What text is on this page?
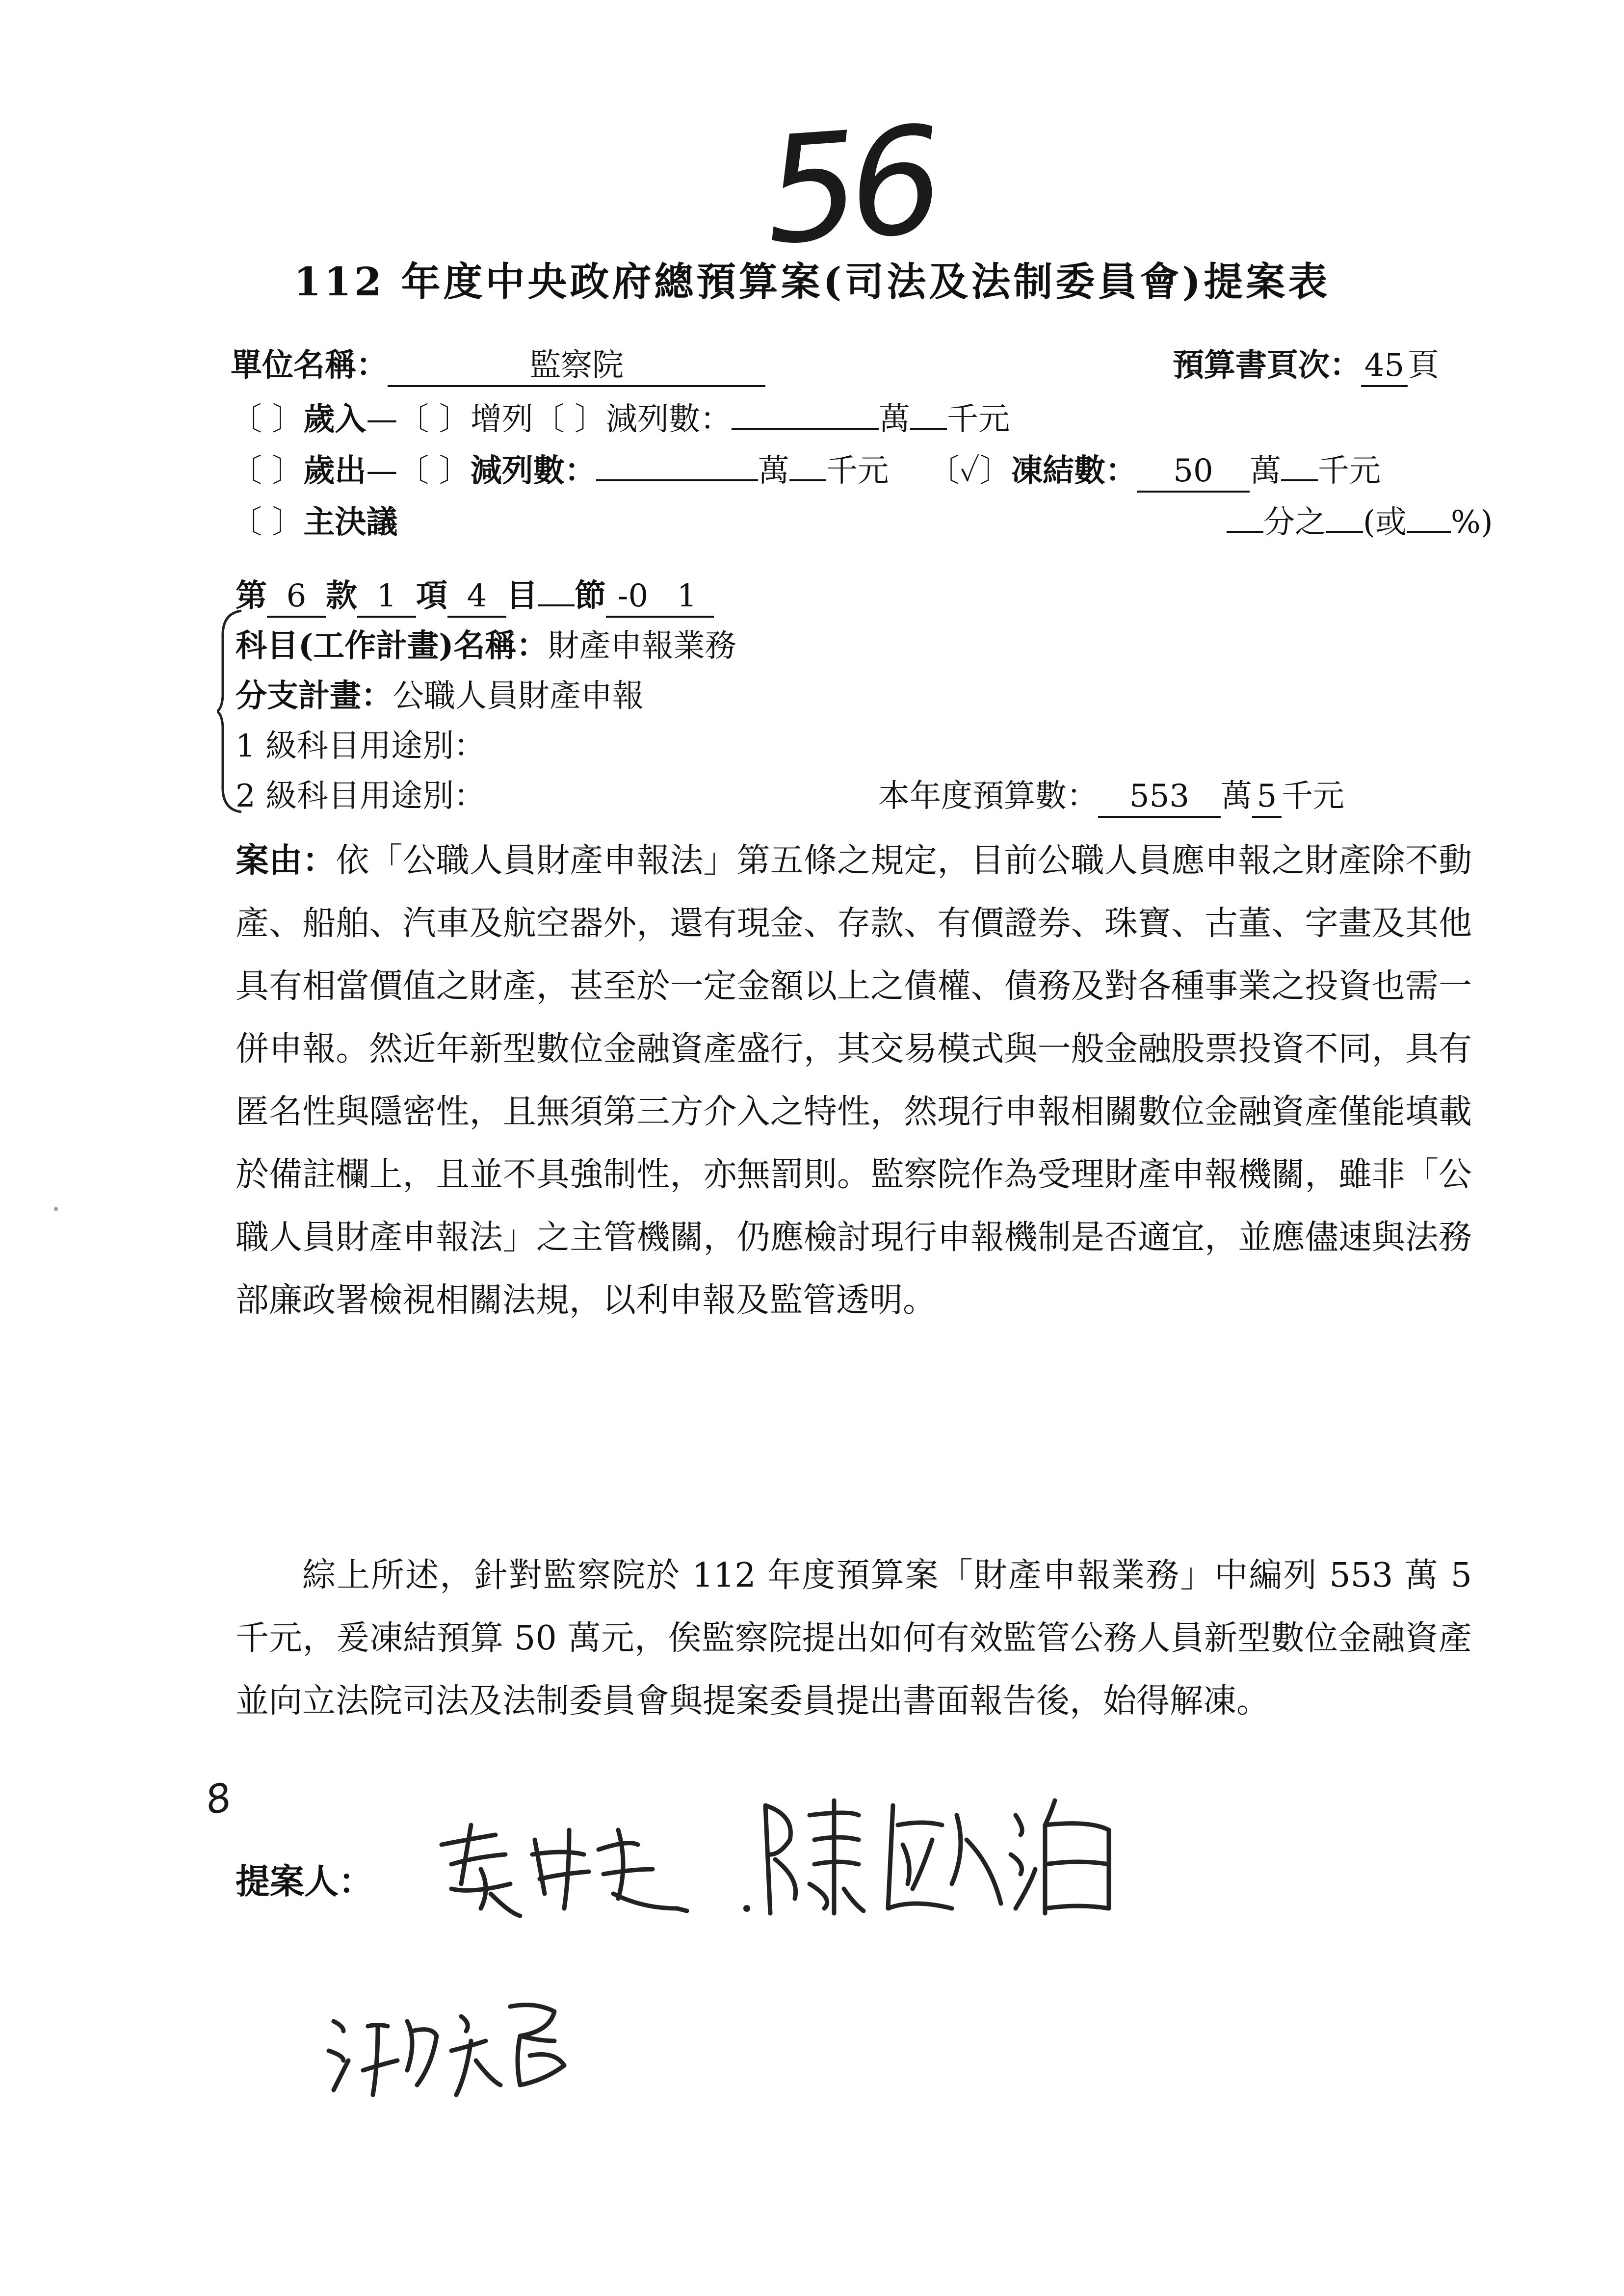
56
112 年度中央政府總預算案(司法及法制委員會)提案表
單位名稱：	監察院	預算書頁次： 45 頁
〔 〕歲入—〔 〕增列〔 〕減列數：	萬 千元
〔 〕歲出—〔 〕減列數：	萬 千元 〔✓〕凍結數： 50 萬 千元
〔 〕主決議	分之 (或 %)
第 6 款 1 項 4 目 節 -0 1
科目(工作計畫)名稱：財產申報業務
分支計畫：公職人員財產申報
1 級科目用途別：
2 級科目用途別：	本年度預算數： 553 萬 5 千元
案由：依「公職人員財產申報法」第五條之規定，目前公職人員應申報之財產除不動產、船舶、汽車及航空器外，還有現金、存款、有價證券、珠寶、古董、字畫及其他具有相當價值之財產，甚至於一定金額以上之債權、債務及對各種事業之投資也需一併申報。然近年新型數位金融資產盛行，其交易模式與一般金融股票投資不同，具有匿名性與隱密性，且無須第三方介入之特性，然現行申報相關數位金融資產僅能填載於備註欄上，且並不具強制性，亦無罰則。監察院作為受理財產申報機關，雖非「公職人員財產申報法」之主管機關，仍應檢討現行申報機制是否適宜，並應儘速與法務部廉政署檢視相關法規，以利申報及監管透明。
綜上所述，針對監察院於 112 年度預算案「財產申報業務」中編列 553 萬 5 千元，爰凍結預算 50 萬元，俟監察院提出如何有效監管公務人員新型數位金融資產並向立法院司法及法制委員會與提案委員提出書面報告後，始得解凍。
8
提案人：
